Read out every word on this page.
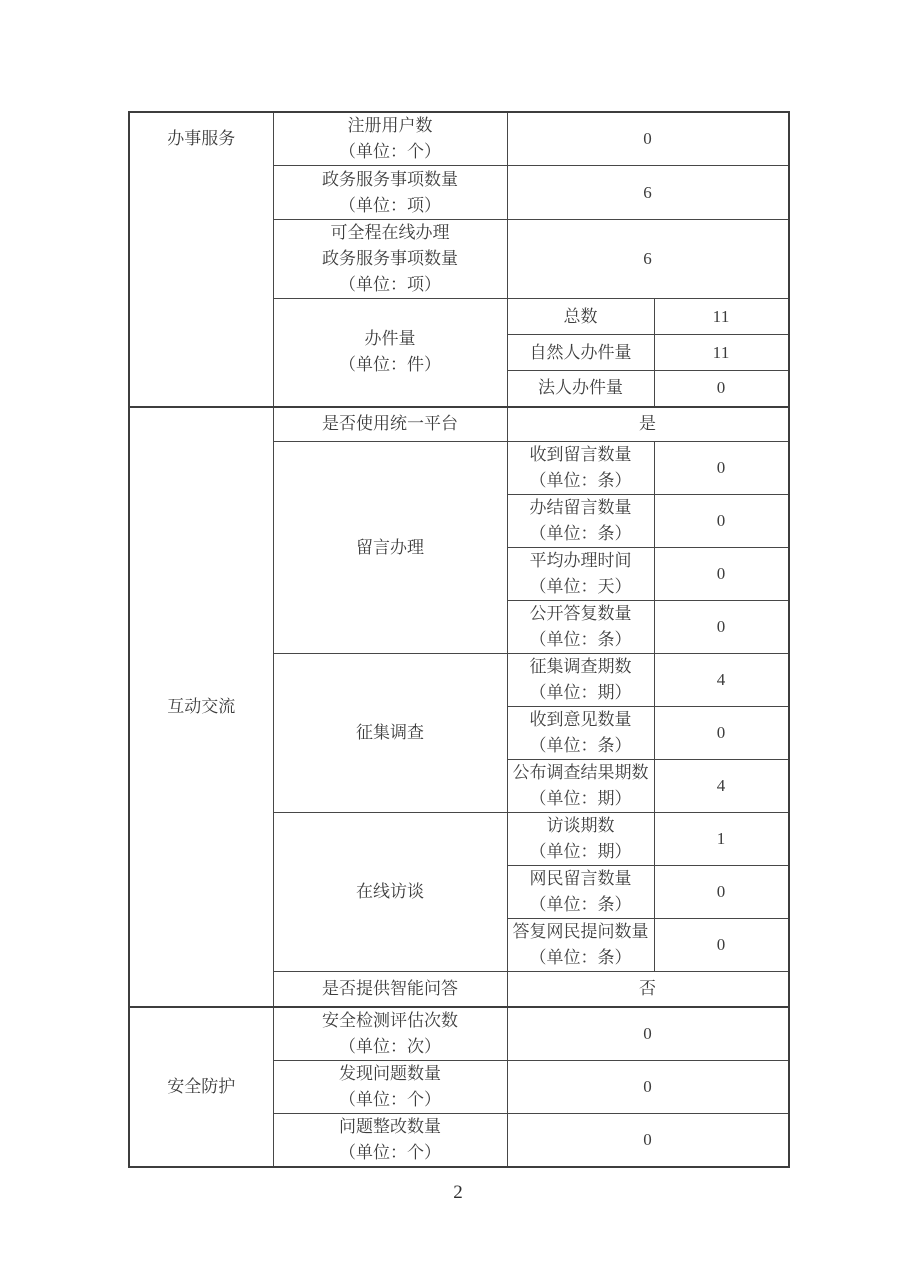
办事服务	注册用户数
（单位：个）	0	

	政务服务事项数量
（单位：项）	6	

	可全程在线办理
政务服务事项数量
（单位：项）	6	

	办件量
（单位：件）	总数	11
		自然人办件量	11
		法人办件量	0
互动交流	是否使用统一平台	是	
	留言办理	收到留言数量
（单位：条）	0

		办结留言数量
（单位：条）	0

		平均办理时间
（单位：天）	0

		公开答复数量
（单位：条）	0
	征集调查	征集调查期数
（单位：期）	4

		收到意见数量
（单位：条）	0

		公布调查结果期数
（单位：期）	4
	在线访谈	访谈期数
（单位：期）	1

		网民留言数量
（单位：条）	0

		答复网民提问数量
（单位：条）	0
	是否提供智能问答	否	
安全防护	安全检测评估次数
（单位：次）	0	

	发现问题数量
（单位：个）	0	

	问题整改数量
（单位：个）	0	
2
